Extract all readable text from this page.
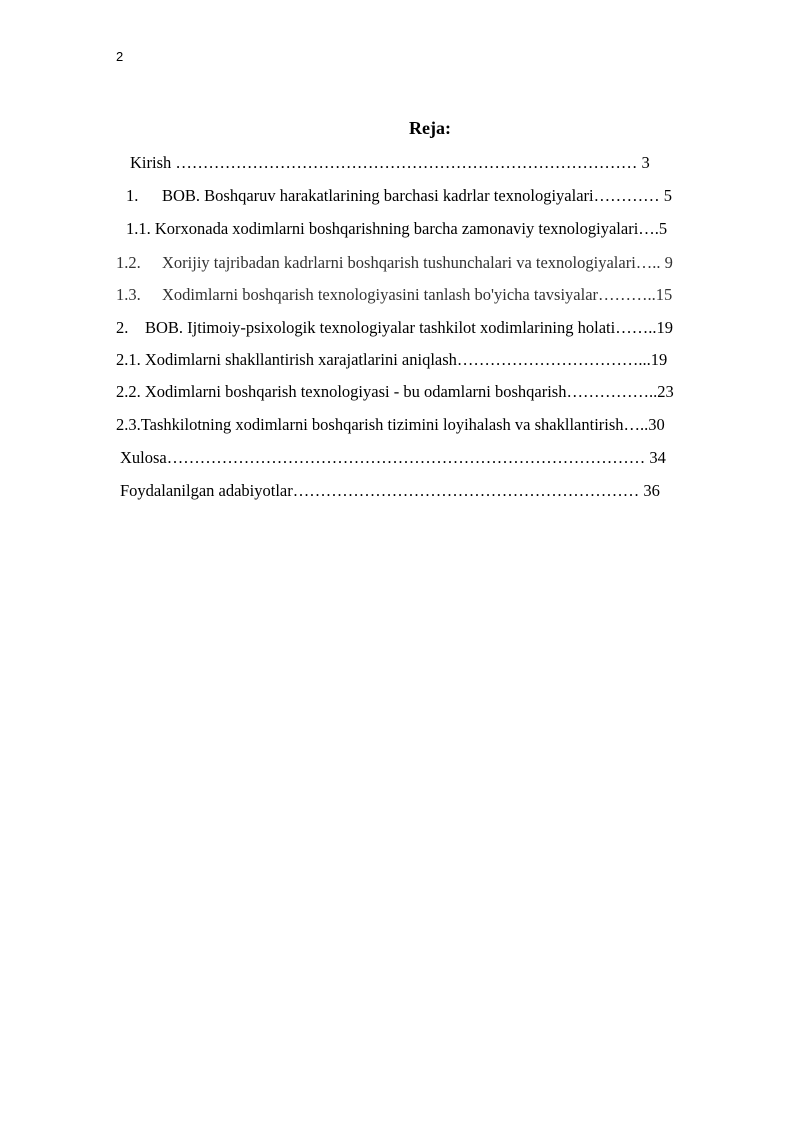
2
Reja:
Kirish ………………………………………………………………………… 3
1. BOB. Boshqaruv harakatlarining barchasi kadrlar texnologiyalari………… 5
1.1. Korxonada xodimlarni boshqarishning barcha zamonaviy texnologiyalari….5
1.2. Xorijiy tajribadan kadrlarni boshqarish tushunchalari va texnologiyalari….. 9
1.3. Xodimlarni boshqarish texnologiyasini tanlash bo'yicha tavsiyalar………..15
2. BOB. Ijtimoiy-psixologik texnologiyalar tashkilot xodimlarining holati……..19
2.1. Xodimlarni shakllantirish xarajatlarini aniqlash……………………………...19
2.2. Xodimlarni boshqarish texnologiyasi - bu odamlarni boshqarish……………..23
2.3.Tashkilotning xodimlarni boshqarish tizimini loyihalash va shakllantirish…..30
Xulosa…………………………………………………………………………… 34
Foydalanilgan adabiyotlar……………………………………………………… 36
